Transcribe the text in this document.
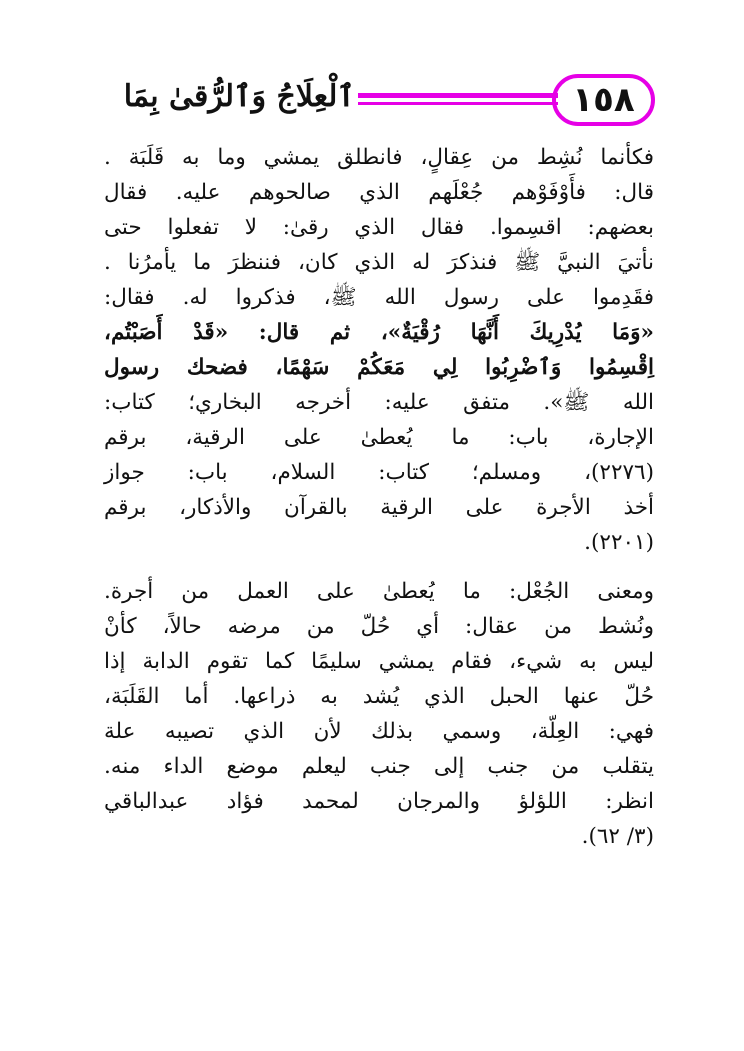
١٥٨
ٱلْعِلَاجُ وَٱلرُّقىٰ بِمَا
فكأنما نُشِط من عِقالٍ، فانطلق يمشي وما به قَلَبَة .
قال: فأَوْفَوْهم جُعْلَهم الذي صالحوهم عليه. فقال
بعضهم: اقسِموا. فقال الذي رقىٰ: لا تفعلوا حتى
نأتيَ النبيَّ ﷺ فنذكرَ له الذي كان، فننظرَ ما يأمرُنا .
فقَدِموا على رسول الله ﷺ، فذكروا له. فقال:
«وَمَا يُدْرِيكَ أَنَّهَا رُقْيَةٌ»، ثم قال: «قَدْ أَصَبْتُم،
اِقْسِمُوا وَٱضْرِبُوا لِي مَعَكُمْ سَهْمًا، فضحك رسول
الله ﷺ». متفق عليه: أخرجه البخاري؛ كتاب:
الإجارة، باب: ما يُعطىٰ على الرقية، برقم
(٢٢٧٦)، ومسلم؛ كتاب: السلام، باب: جواز
أخذ الأجرة على الرقية بالقرآن والأذكار، برقم
(٢٢٠١).
ومعنى الجُعْل: ما يُعطىٰ على العمل من أجرة.
ونُشط من عقال: أي حُلّ من مرضه حالاً، كأنْ
ليس به شيء، فقام يمشي سليمًا كما تقوم الدابة إذا
حُلّ عنها الحبل الذي يُشد به ذراعها. أما القَلَبَة،
فهي: العِلّة، وسمي بذلك لأن الذي تصيبه علة
يتقلب من جنب إلى جنب ليعلم موضع الداء منه.
انظر: اللؤلؤ والمرجان لمحمد فؤاد عبدالباقي
(٣/ ٦٢).
